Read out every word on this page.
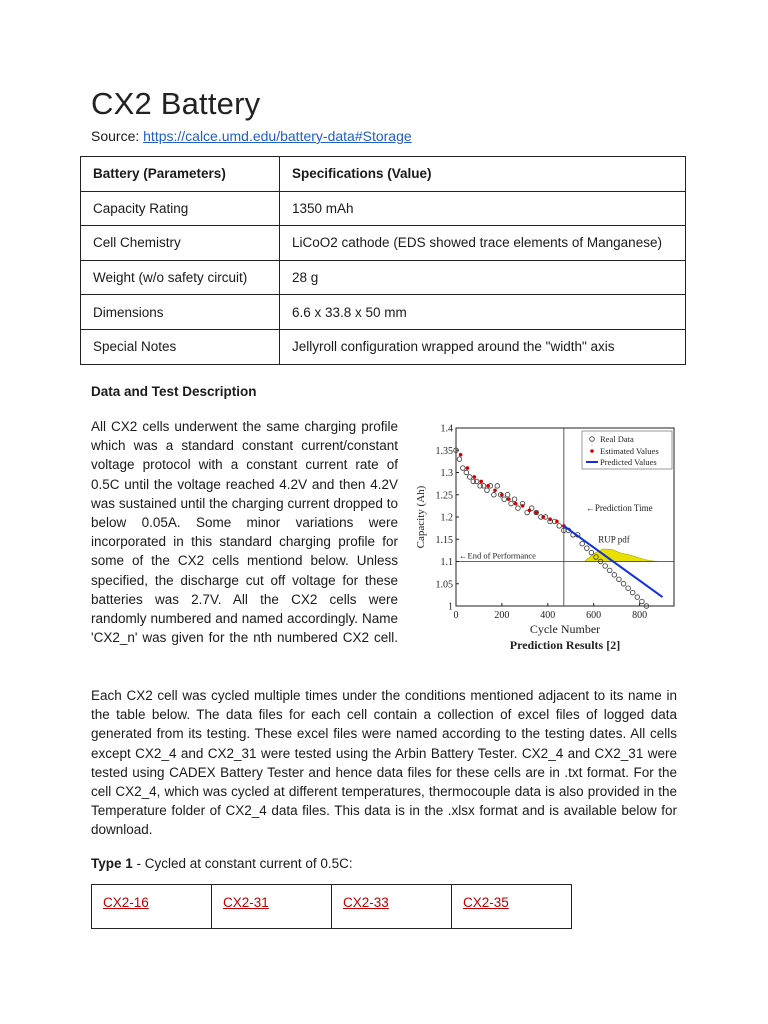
CX2 Battery
Source: https://calce.umd.edu/battery-data#Storage
Battery (Parameters)	Specifications (Value)
Capacity Rating	1350 mAh
Cell Chemistry	LiCoO2 cathode (EDS showed trace elements of Manganese)
Weight (w/o safety circuit)	28 g
Dimensions	6.6 x 33.8 x 50 mm
Special Notes	Jellyroll configuration wrapped around the "width" axis
Data and Test Description
All CX2 cells underwent the same charging profile which was a standard constant current/constant voltage protocol with a constant current rate of 0.5C until the voltage reached 4.2V and then 4.2V was sustained until the charging current dropped to below 0.05A. Some minor variations were incorporated in this standard charging profile for some of the CX2 cells mentiond below. Unless specified, the discharge cut off voltage for these batteries was 2.7V. All the CX2 cells were randomly numbered and named accordingly. Name 'CX2_n' was given for the nth numbered CX2 cell.
0	200	400	600	800
1
1.05
1.1
1.15
1.2
1.25
1.3
1.35
1.4
←Prediction Time
RUP pdf
←End of Performance
Real Data
Estimated Values
Predicted Values
Cycle Number
Capacity (Ah)
Prediction Results [2]
Each CX2 cell was cycled multiple times under the conditions mentioned adjacent to its name in the table below. The data files for each cell contain a collection of excel files of logged data generated from its testing. These excel files were named according to the testing dates. All cells except CX2_4 and CX2_31 were tested using the Arbin Battery Tester. CX2_4 and CX2_31 were tested using CADEX Battery Tester and hence data files for these cells are in .txt format. For the cell CX2_4, which was cycled at different temperatures, thermocouple data is also provided in the Temperature folder of CX2_4 data files. This data is in the .xlsx format and is available below for download.
Type 1 - Cycled at constant current of 0.5C:
CX2-16	CX2-31	CX2-33	CX2-35
